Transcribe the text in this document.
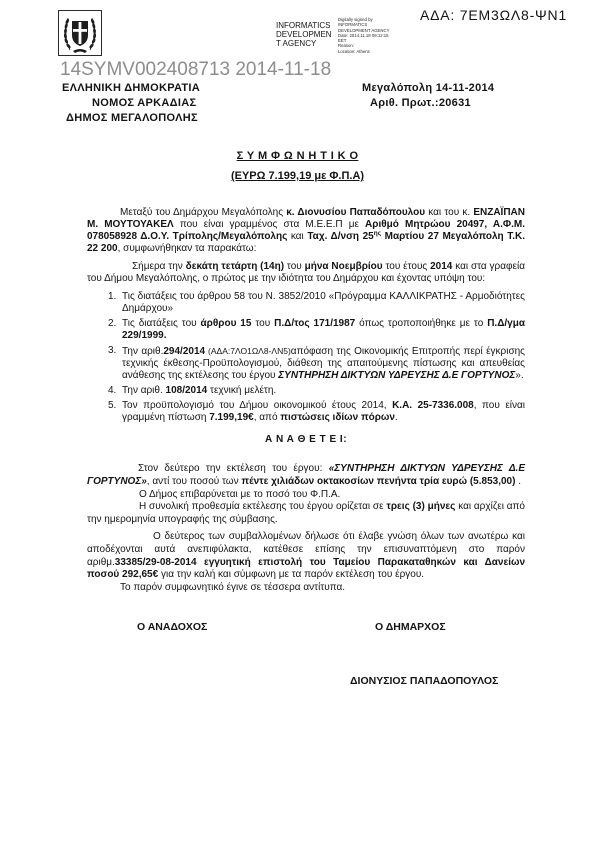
ΑΔΑ: 7ΕΜ3ΩΛ8-ΨΝ1
INFORMATICS
DEVELOPMEN
T AGENCY
Digitally signed by
INFORMATICS
DEVELOPMENT AGENCY
Date: 2014.11.18 09:12:15
EET
Reason:
Location: Athens
14SYMV002408713 2014-11-18
ΕΛΛΗΝΙΚΗ ΔΗΜΟΚΡΑΤΙΑ
ΝΟΜΟΣ ΑΡΚΑΔΙΑΣ
ΔΗΜΟΣ ΜΕΓΑΛΟΠΟΛΗΣ
Μεγαλόπολη 14-11-2014
Αριθ. Πρωτ.:20631
Σ Υ Μ Φ Ω Ν Η Τ Ι Κ Ο
(ΕΥΡΩ 7.199,19 με Φ.Π.Α)

Μεταξύ του Δημάρχου Μεγαλόπολης κ. Διονυσίου Παπαδόπουλου και του κ. ΕΝΖΑΪΠΑΝ Μ. ΜΟΥΤΟΥΑΚΕΛ που είναι γραμμένος στα Μ.Ε.Ε.Π με Αριθμό Μητρώου 20497, Α.Φ.Μ. 078058928 Δ.Ο.Υ. Τρίπολης/Μεγαλόπολης και Ταχ. Δ/νση $25^{\eta\varsigma}$ Μαρτίου 27 Μεγαλόπολη Τ.Κ. 22 200, συμφωνήθηκαν τα παρακάτω:

Σήμερα την δεκάτη τετάρτη (14η) του μήνα Νοεμβρίου του έτους 2014 και στα γραφεία του Δήμου Μεγαλόπολης, ο πρώτος με την ιδιότητα του Δημάρχου και έχοντας υπόψη του:

1. Τις διατάξεις του άρθρου 58 του Ν. 3852/2010 «Πρόγραμμα ΚΑΛΛΙΚΡΑΤΗΣ - Αρμοδιότητες Δημάρχου»
2. Τις διατάξεις του άρθρου 15 του Π.Δ/τος 171/1987 όπως τροποποιήθηκε με το Π.Δ/γμα 229/1999.
3. Την αριθ.294/2014 (ΑΔΑ:7ΛΟ1ΩΛ8-ΛΝ5)απόφαση της Οικονομικής Επιτροπής περί έγκρισης τεχνικής έκθεσης-Προϋπολογισμού, διάθεση της απαιτούμενης πίστωσης και απευθείας ανάθεσης της εκτέλεσης του έργου ΣΥΝΤΗΡΗΣΗ ΔΙΚΤΥΩΝ ΥΔΡΕΥΣΗΣ Δ.Ε ΓΟΡΤΥΝΟΣ».
4. Την αριθ. 108/2014 τεχνική μελέτη.
5. Τον προϋπολογισμό του Δήμου οικονομικού έτους 2014, Κ.Α. 25-7336.008, που είναι γραμμένη πίστωση 7.199,19€, από πιστώσεις ιδίων πόρων.

Α Ν Α Θ Ε Τ Ε Ι:

Στον δεύτερο την εκτέλεση του έργου: «ΣΥΝΤΗΡΗΣΗ ΔΙΚΤΥΩΝ ΥΔΡΕΥΣΗΣ Δ.Ε ΓΟΡΤΥΝΟΣ», αντί του ποσού των πέντε χιλιάδων οκτακοσίων πενήντα τρία ευρώ (5.853,00) .

Ο Δήμος επιβαρύνεται με το ποσό του Φ.Π.Α.

Η συνολική προθεσμία εκτέλεσης του έργου ορίζεται σε τρεις (3) μήνες και αρχίζει από την ημερομηνία υπογραφής της σύμβασης.

Ο δεύτερος των συμβαλλομένων δήλωσε ότι έλαβε γνώση όλων των ανωτέρω και αποδέχονται αυτά ανεπιφύλακτα, κατέθεσε επίσης την επισυναπτόμενη στο παρόν αριθμ.33385/29-08-2014 εγγυητική επιστολή του Ταμείου Παρακαταθηκών και Δανείων ποσού 292,65€ για την καλή και σύμφωνη με τα παρόν εκτέλεση του έργου.

Το παρόν συμφωνητικό έγινε σε τέσσερα αντίτυπα.

Ο ΑΝΑΔΟΧΟΣ	Ο ΔΗΜΑΡΧΟΣ
ΔΙΟΝΥΣΙΟΣ ΠΑΠΑΔΟΠΟΥΛΟΣ
